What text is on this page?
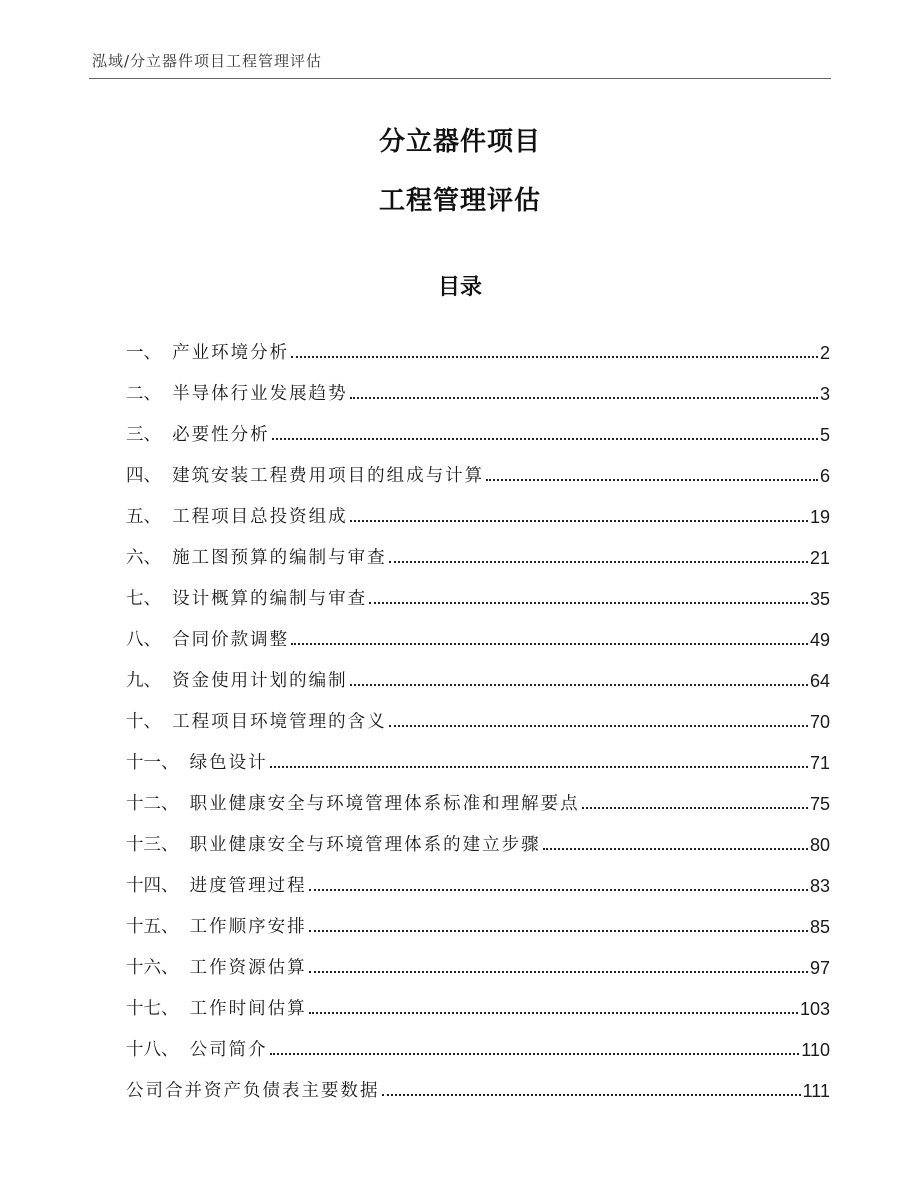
泓域/分立器件项目工程管理评估
分立器件项目
工程管理评估
目录
一、 产业环境分析	2
二、 半导体行业发展趋势	3
三、 必要性分析	5
四、 建筑安装工程费用项目的组成与计算	6
五、 工程项目总投资组成	19
六、 施工图预算的编制与审查	21
七、 设计概算的编制与审查	35
八、 合同价款调整	49
九、 资金使用计划的编制	64
十、 工程项目环境管理的含义	70
十一、 绿色设计	71
十二、 职业健康安全与环境管理体系标准和理解要点	75
十三、 职业健康安全与环境管理体系的建立步骤	80
十四、 进度管理过程	83
十五、 工作顺序安排	85
十六、 工作资源估算	97
十七、 工作时间估算	103
十八、 公司简介	110
公司合并资产负债表主要数据	111
